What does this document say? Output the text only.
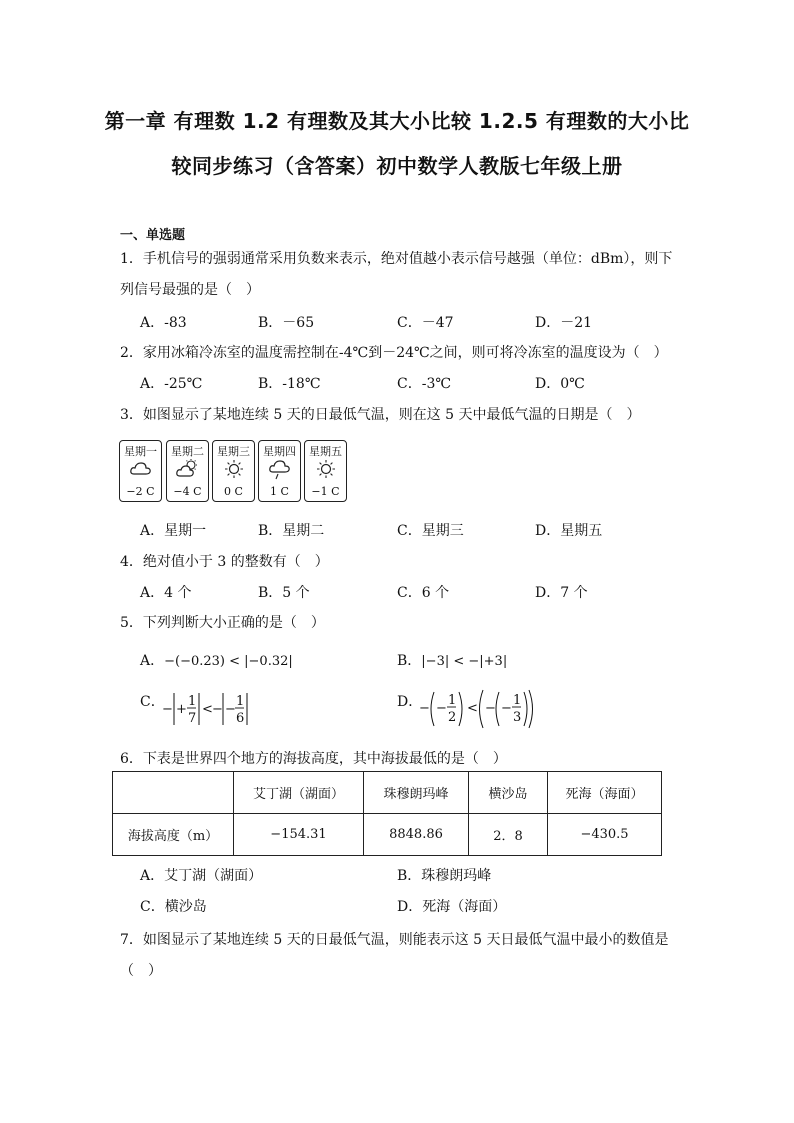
第一章 有理数 1.2 有理数及其大小比较 1.2.5 有理数的大小比
较同步练习（含答案）初中数学人教版七年级上册
一、单选题
1．手机信号的强弱通常采用负数来表示，绝对值越小表示信号越强（单位：dBm），则下
列信号最强的是（　）
A．-83	B．－65	C．－47	D．－21
2．家用冰箱冷冻室的温度需控制在-4℃到－24℃之间，则可将冷冻室的温度设为（　）
A．-25℃	B．-18℃	C．-3℃	D．0℃
3．如图显示了某地连续 5 天的日最低气温，则在这 5 天中最低气温的日期是（　）
星期一
−2 C
星期二
−4 C
星期三
0 C
星期四
1 C
星期五
−1 C
A．星期一	B．星期二	C．星期三	D．星期五
4．绝对值小于 3 的整数有（　）
A．4 个	B．5 个	C．6 个	D．7 个
5．下列判断大小正确的是（　）
A．−(−0.23) < |−0.32|	B．|−3| < −|+3|
C．
− +
1
7
< − −
1
6
D．
− −
1
2
< − −
1
3
6．下表是世界四个地方的海拔高度，其中海拔最低的是（　）
	艾丁湖（湖面）	珠穆朗玛峰	横沙岛	死海（海面）
海拔高度（m）	−154.31	8848.86	2．8	−430.5
A．艾丁湖（湖面）	B．珠穆朗玛峰
C．横沙岛	D．死海（海面）
7．如图显示了某地连续 5 天的日最低气温，则能表示这 5 天日最低气温中最小的数值是
（　）
